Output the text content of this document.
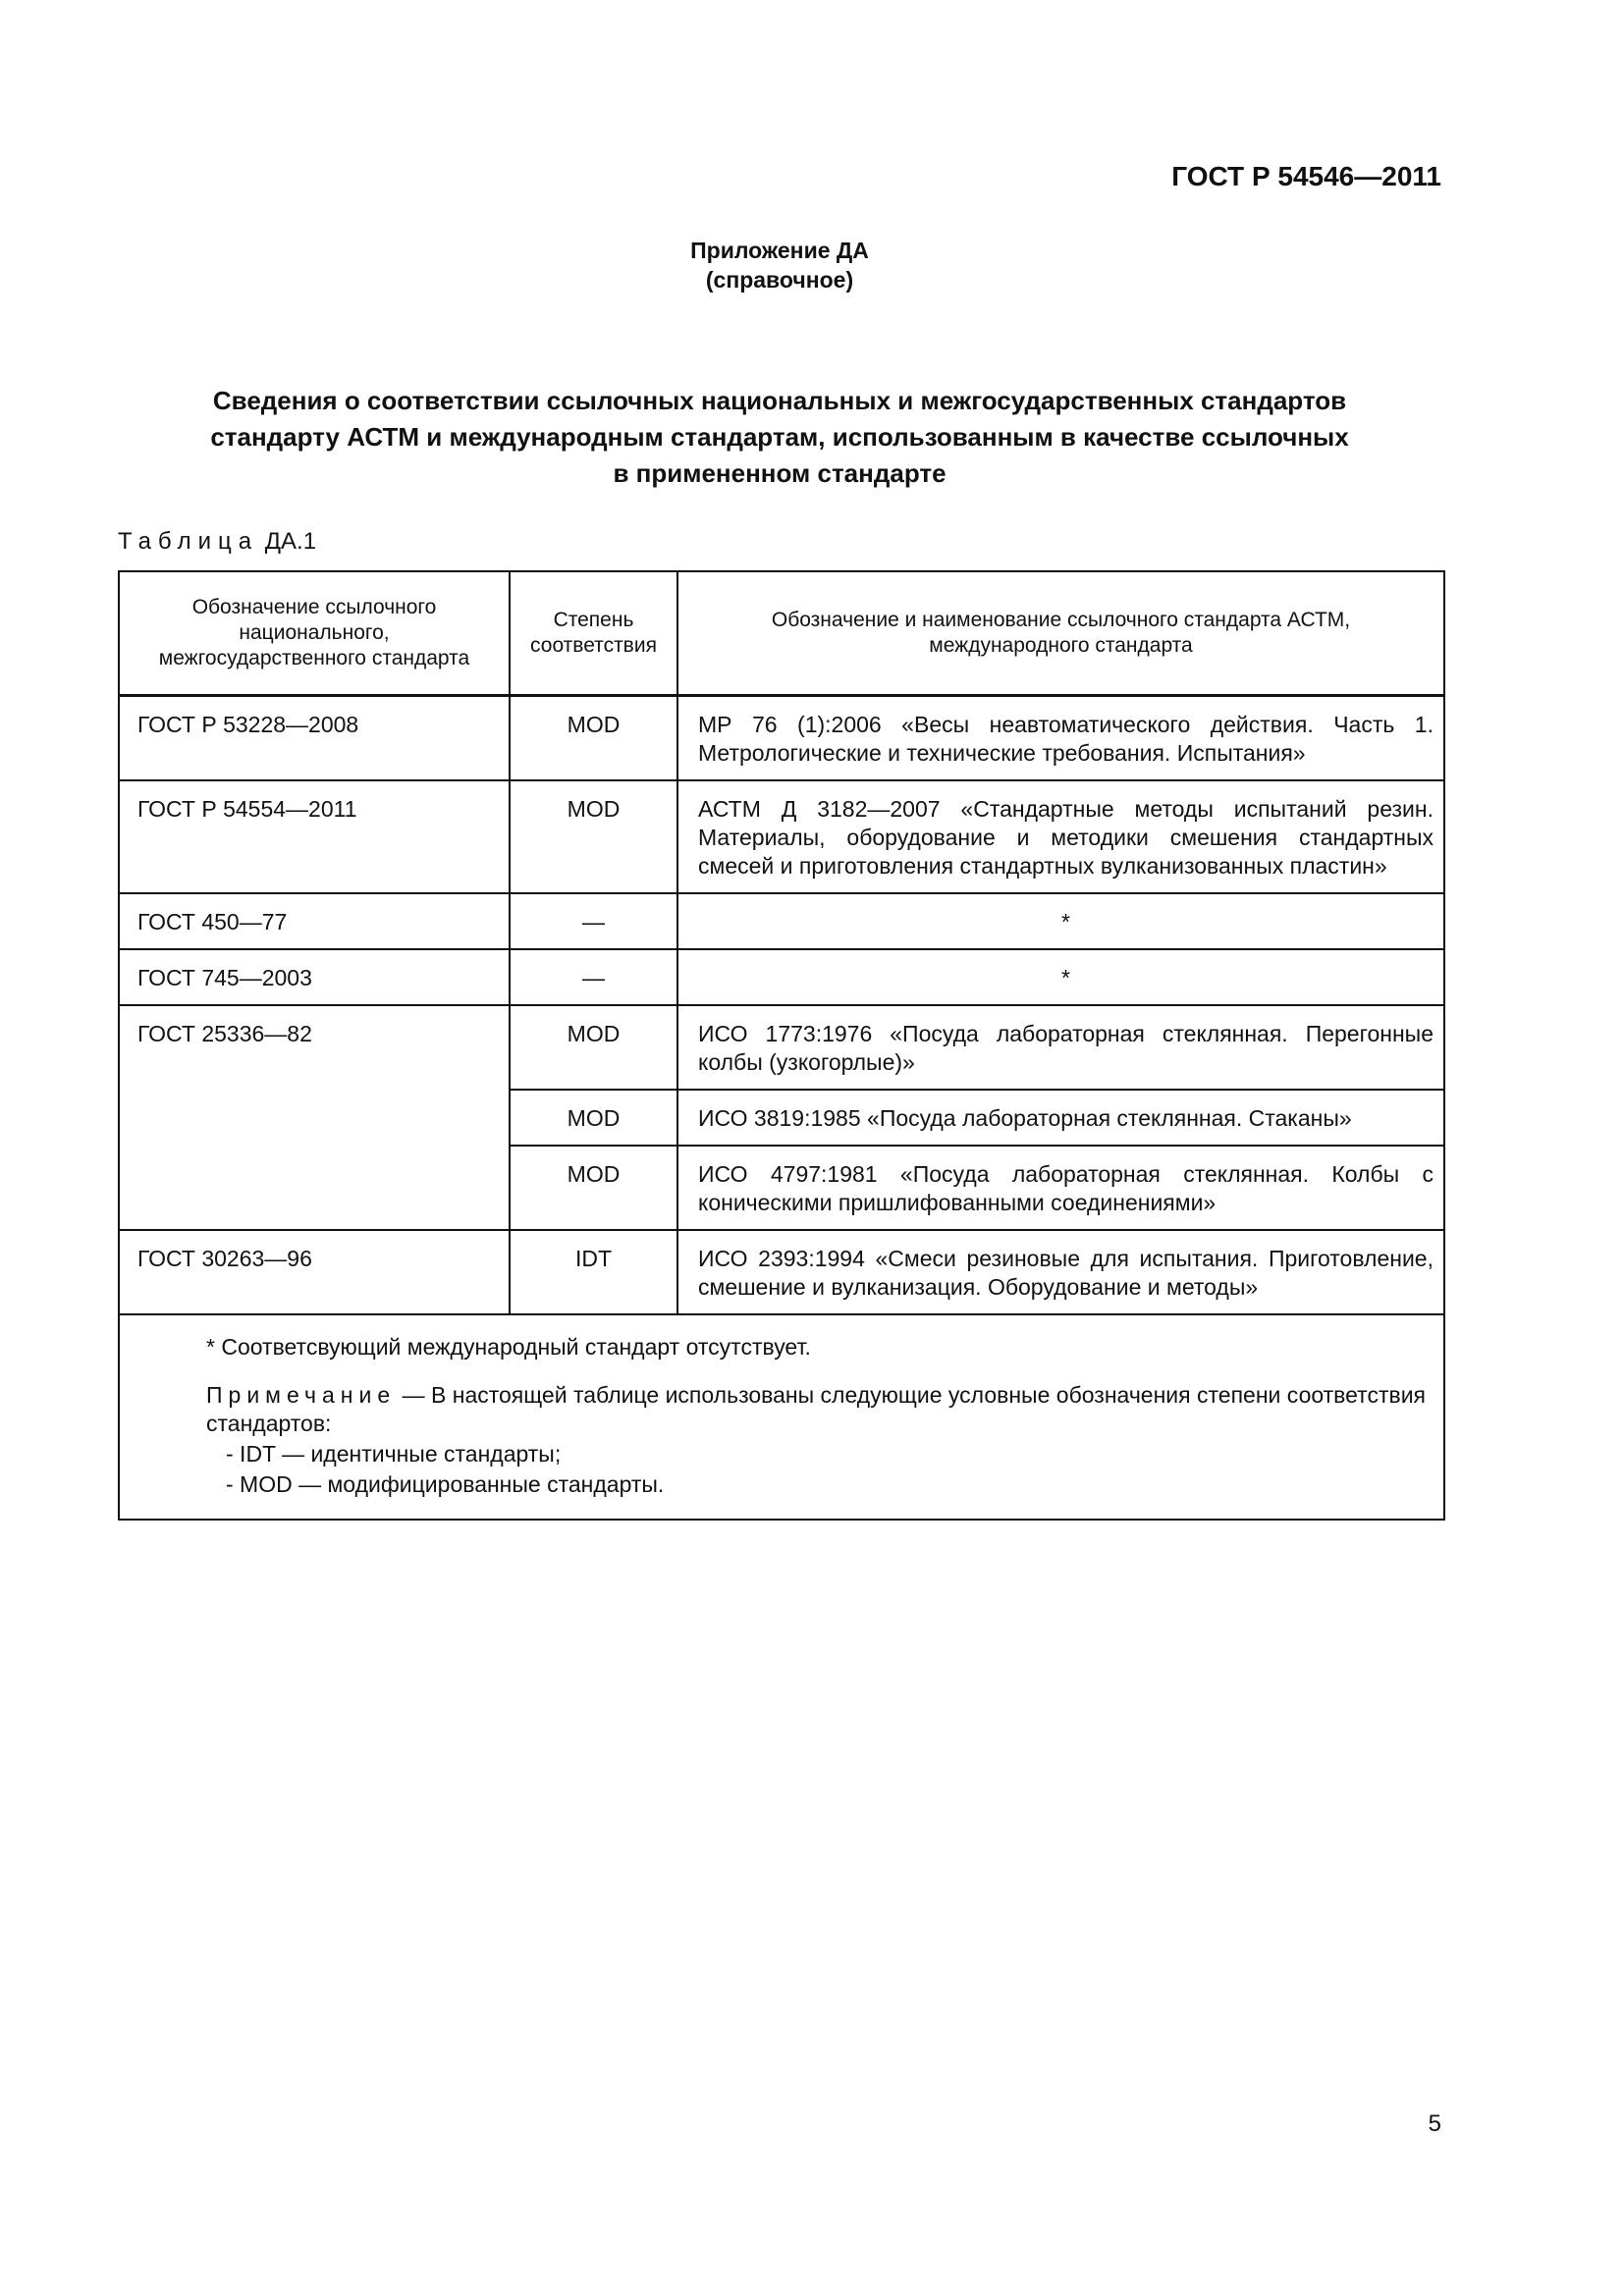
ГОСТ Р 54546—2011
Приложение ДА
(справочное)
Сведения о соответствии ссылочных национальных и межгосударственных стандартов
стандарту АСТМ и международным стандартам, использованным в качестве ссылочных
в примененном стандарте
Таблица ДА.1
Обозначение ссылочного национального, межгосударственного стандарта	Степень соответствия	Обозначение и наименование ссылочного стандарта АСТМ, международного стандарта
ГОСТ Р 53228—2008	MOD	МР 76 (1):2006 «Весы неавтоматического действия. Часть 1. Метрологические и технические требования. Испытания»
ГОСТ Р 54554—2011	MOD	АСТМ Д 3182—2007 «Стандартные методы испытаний резин. Материалы, оборудование и методики смешения стандартных смесей и приготовления стандартных вулканизованных пластин»
ГОСТ 450—77	—	*
ГОСТ 745—2003	—	*
ГОСТ 25336—82	MOD	ИСО 1773:1976 «Посуда лабораторная стеклянная. Перегонные колбы (узкогорлые)»
	MOD	ИСО 3819:1985 «Посуда лабораторная стеклянная. Стаканы»
	MOD	ИСО 4797:1981 «Посуда лабораторная стеклянная. Колбы с коническими пришлифованными соединениями»
ГОСТ 30263—96	IDT	ИСО 2393:1994 «Смеси резиновые для испытания. Приготовление, смешение и вулканизация. Оборудование и методы»

* Соответсвующий международный стандарт отсутствует.

Примечание — В настоящей таблице использованы следующие условные обозначения степени соответствия стандартов:

- IDT — идентичные стандарты;

- MOD — модифицированные стандарты.		

5
